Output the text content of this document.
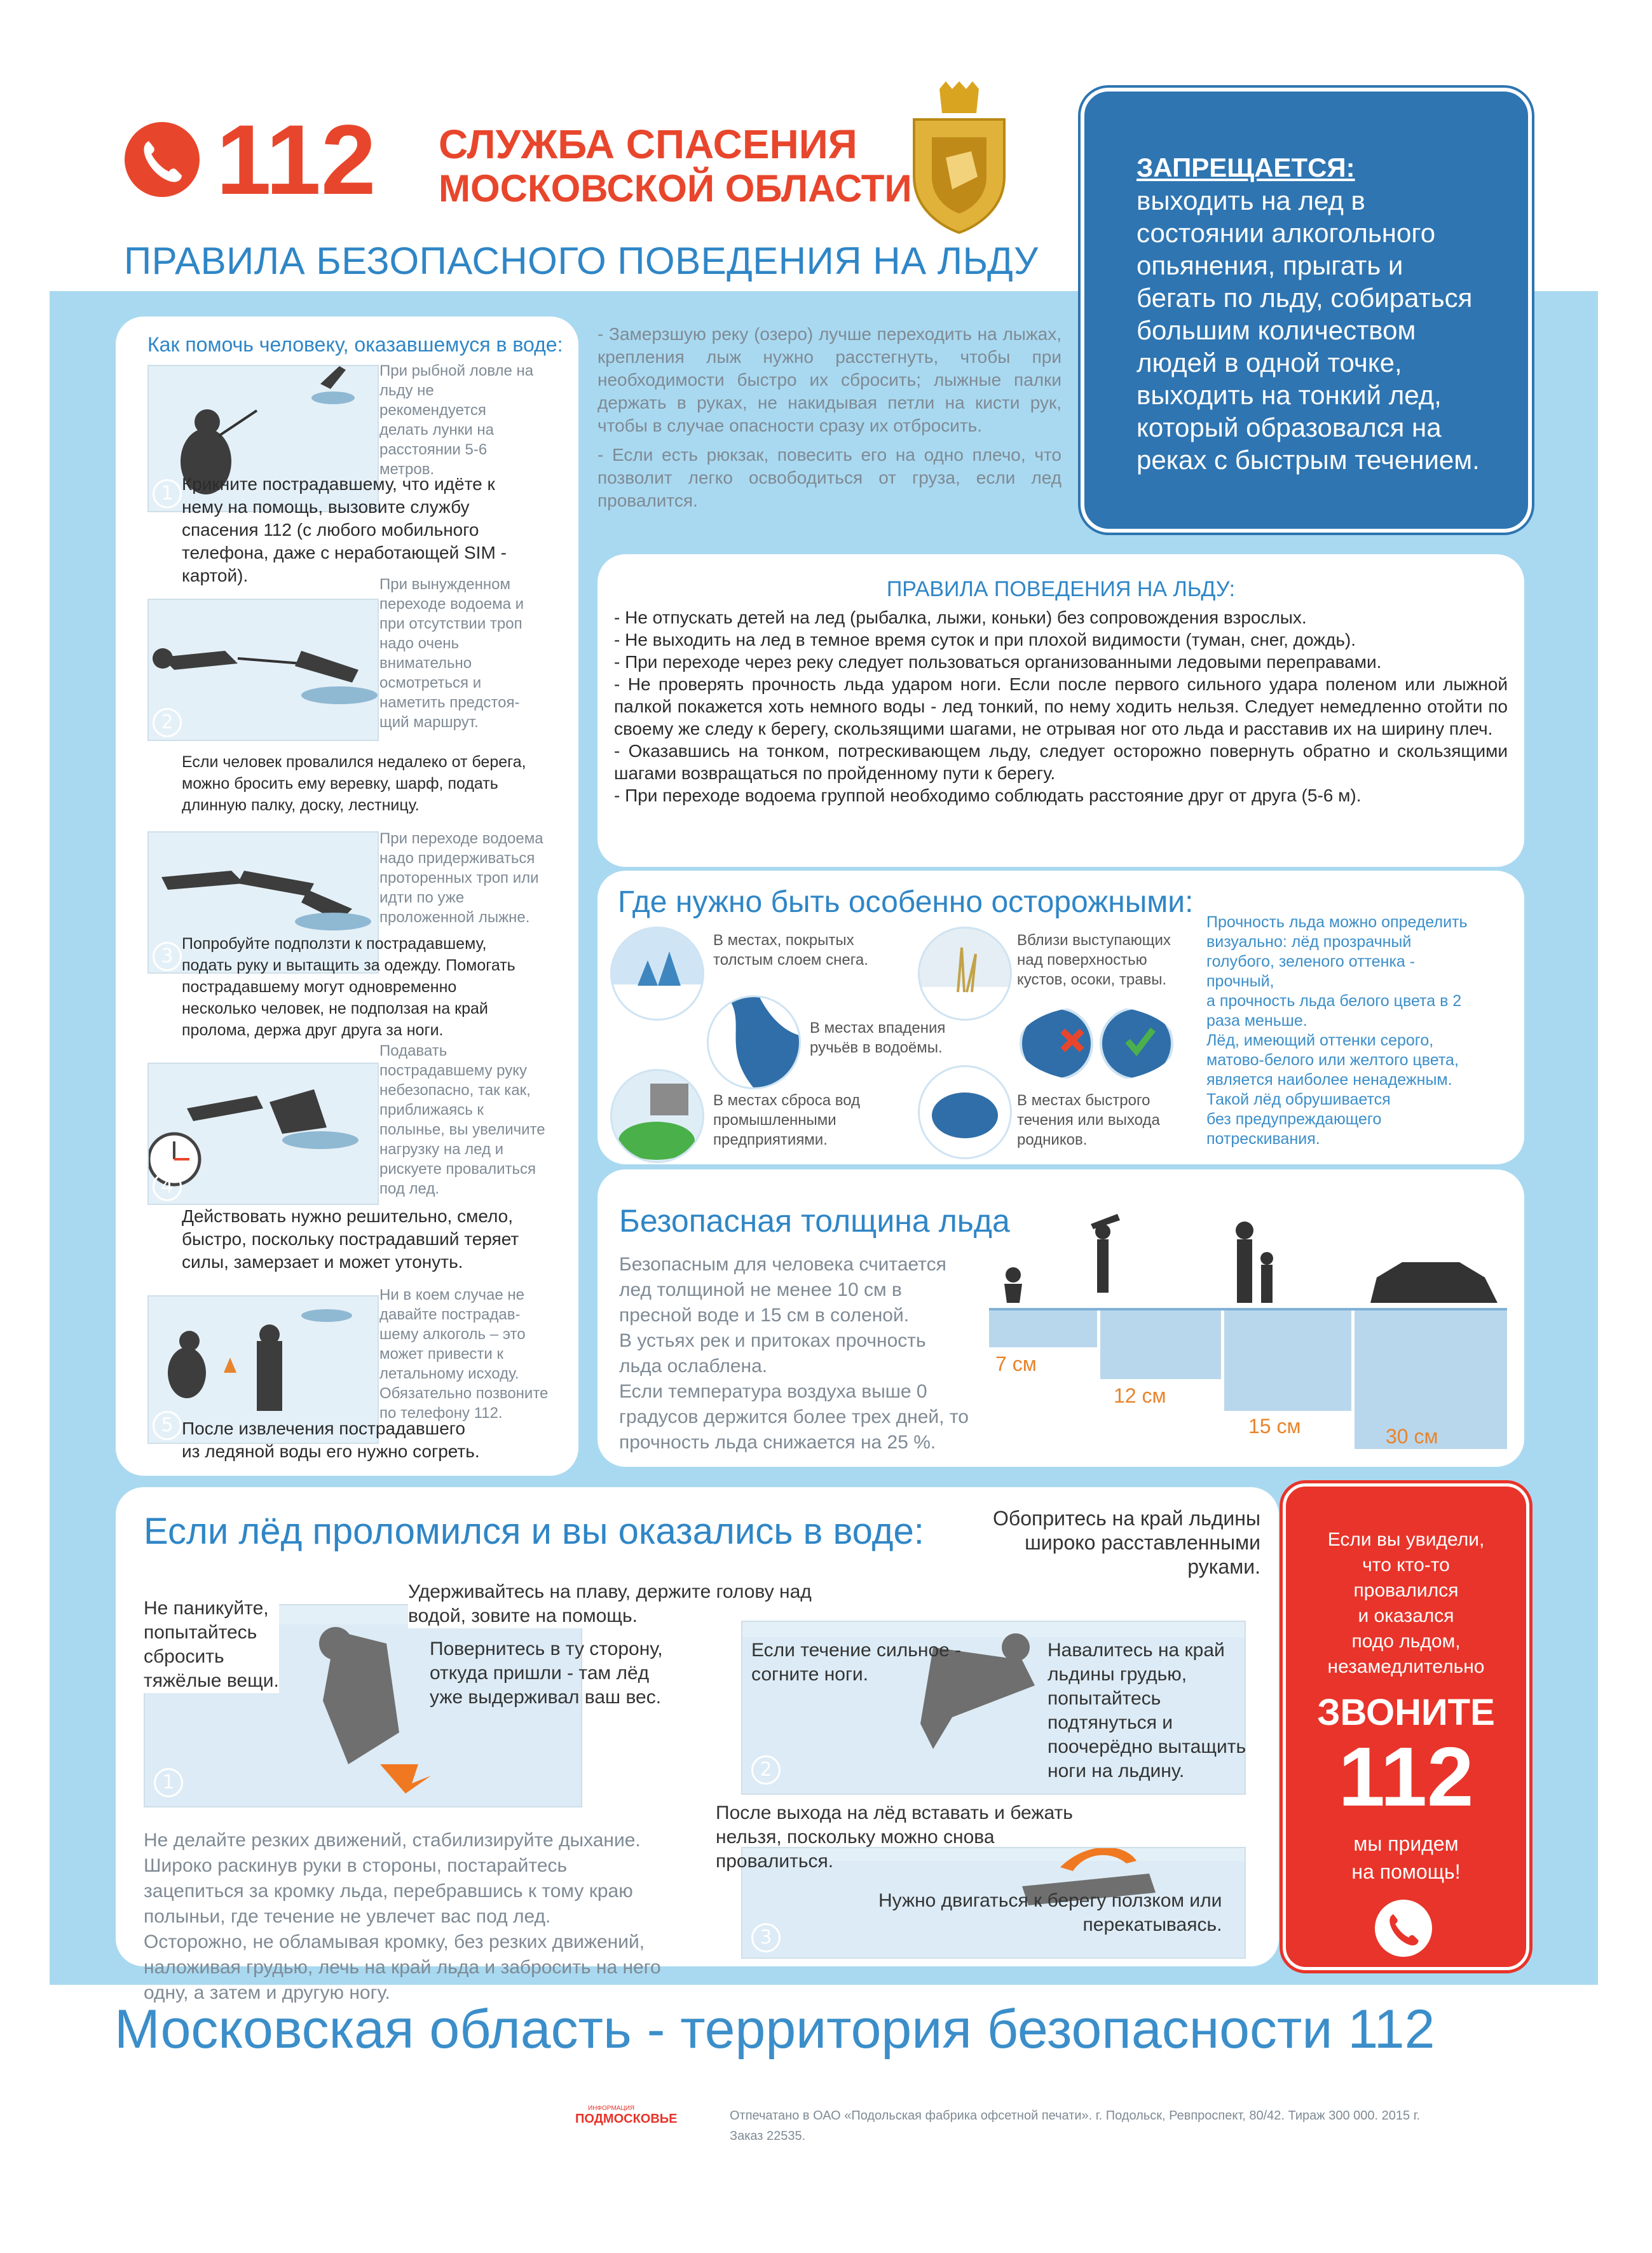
112 СЛУЖБА СПАСЕНИЯ
МОСКОВСКОЙ ОБЛАСТИ
ПРАВИЛА БЕЗОПАСНОГО ПОВЕДЕНИЯ НА ЛЬДУ
ЗАПРЕЩАЕТСЯ:
выходить на лед в
состоянии алкогольного
опьянения, прыгать и
бегать по льду, собираться
большим количеством
людей в одной точке,
выходить на тонкий лед,
который образовался на
реках с быстрым течением.
Как помочь человеку, оказавшемуся в воде:
1
При рыбной ловле на
льду не
рекомендуется
делать лунки на
расстоянии 5-6
метров.
Крикните пострадавшему, что идёте к
нему на помощь, вызовите службу
спасения 112 (с любого мобильного
телефона, даже с неработающей SIM -
картой).
2
При вынужденном
переходе водоема и
при отсутствии троп
надо очень
внимательно
осмотреться и
наметить предстоя-
щий маршрут.
Если человек провалился недалеко от берега,
можно бросить ему веревку, шарф, подать
длинную палку, доску, лестницу.
3
При переходе водоема
надо придерживаться
проторенных троп или
идти по уже
проложенной лыжне.
Попробуйте подползти к пострадавшему,
подать руку и вытащить за одежду. Помогать
пострадавшему могут одновременно
несколько человек, не подползая на край
пролома, держа друг друга за ноги.
4
Подавать
пострадавшему руку
небезопасно, так как,
приближаясь к
полынье, вы увеличите
нагрузку на лед и
рискуете провалиться
под лед.
Действовать нужно решительно, смело,
быстро, поскольку пострадавший теряет
силы, замерзает и может утонуть.
5
Ни в коем случае не
давайте пострадав-
шему алкоголь – это
может привести к
летальному исходу.
Обязательно позвоните
по телефону 112.
После извлечения пострадавшего
из ледяной воды его нужно согреть.
- Замерзшую реку (озеро) лучше переходить на лыжах, крепления лыж нужно расстегнуть, чтобы при необходимости быстро их сбросить; лыжные палки держать в руках, не накидывая петли на кисти рук, чтобы в случае опасности сразу их отбросить.
- Если есть рюкзак, повесить его на одно плечо, что позволит легко освободиться от груза, если лед провалится.
ПРАВИЛА ПОВЕДЕНИЯ НА ЛЬДУ:
- Не отпускать детей на лед (рыбалка, лыжи, коньки) без сопровождения взрослых.
- Не выходить на лед в темное время суток и при плохой видимости (туман, снег, дождь).
- При переходе через реку следует пользоваться организованными ледовыми переправами.
- Не проверять прочность льда ударом ноги. Если после первого сильного удара поленом или лыжной палкой покажется хоть немного воды - лед тонкий, по нему ходить нельзя. Следует немедленно отойти по своему же следу к берегу, скользящими шагами, не отрывая ног ото льда и расставив их на ширину плеч.
- Оказавшись на тонком, потрескивающем льду, следует осторожно повернуть обратно и скользящими шагами возвращаться по пройденному пути к берегу.
- При переходе водоема группой необходимо соблюдать расстояние друг от друга (5-6 м).
Где нужно быть особенно осторожными:
В местах, покрытых
толстым слоем снега.
Вблизи выступающих
над поверхностью
кустов, осоки, травы.
В местах впадения
ручьёв в водоёмы.
В местах сброса вод
промышленными
предприятиями.
В местах быстрого
течения или выхода
родников.
Прочность льда можно определить
визуально: лёд прозрачный
голубого, зеленого оттенка -
прочный,
а прочность льда белого цвета в 2
раза меньше.
Лёд, имеющий оттенки серого,
матово-белого или желтого цвета,
является наиболее ненадежным.
Такой лёд обрушивается
без предупреждающего
потрескивания.
Безопасная толщина льда
Безопасным для человека считается
лед толщиной не менее 10 см в
пресной воде и 15 см в соленой.
В устьях рек и притоках прочность
льда ослаблена.
Если температура воздуха выше 0
градусов держится более трех дней, то
прочность льда снижается на 25 %.
7 см
12 см
15 см	30 см
Если лёд проломился и вы оказались в воде:	Обопритесь на край льдины
широко расставленными
руками.
1
Не паникуйте,
попытайтесь
сбросить
тяжёлые вещи.
Удерживайтесь на плаву, держите голову над
водой, зовите на помощь.
Повернитесь в ту сторону,
откуда пришли - там лёд
уже выдерживал ваш вес.
2
Если течение сильное -
согните ноги.
Навалитесь на край
льдины грудью,
попытайтесь
подтянуться и
поочерёдно вытащить
ноги на льдину.
Не делайте резких движений, стабилизируйте дыхание.
Широко раскинув руки в стороны, постарайтесь
зацепиться за кромку льда, перебравшись к тому краю
полыньи, где течение не увлечет вас под лед.
Осторожно, не обламывая кромку, без резких движений,
наложивая грудью, лечь на край льда и забросить на него
одну, а затем и другую ногу.
3
После выхода на лёд вставать и бежать
нельзя, поскольку можно снова
провалиться.
Нужно двигаться к берегу ползком или
перекатываясь.
Если вы увидели,
что кто-то
провалился
и оказался
подо льдом,
незамедлительно
ЗВОНИТЕ
112
мы придем
на помощь!
Московская область - территория безопасности 112
ИНФОРМАЦИЯ
ПОДМОСКОВЬЕ	Отпечатано в ОАО «Подольская фабрика офсетной печати». г. Подольск, Ревпроспект, 80/42. Тираж 300 000. 2015 г.
Заказ 22535.
